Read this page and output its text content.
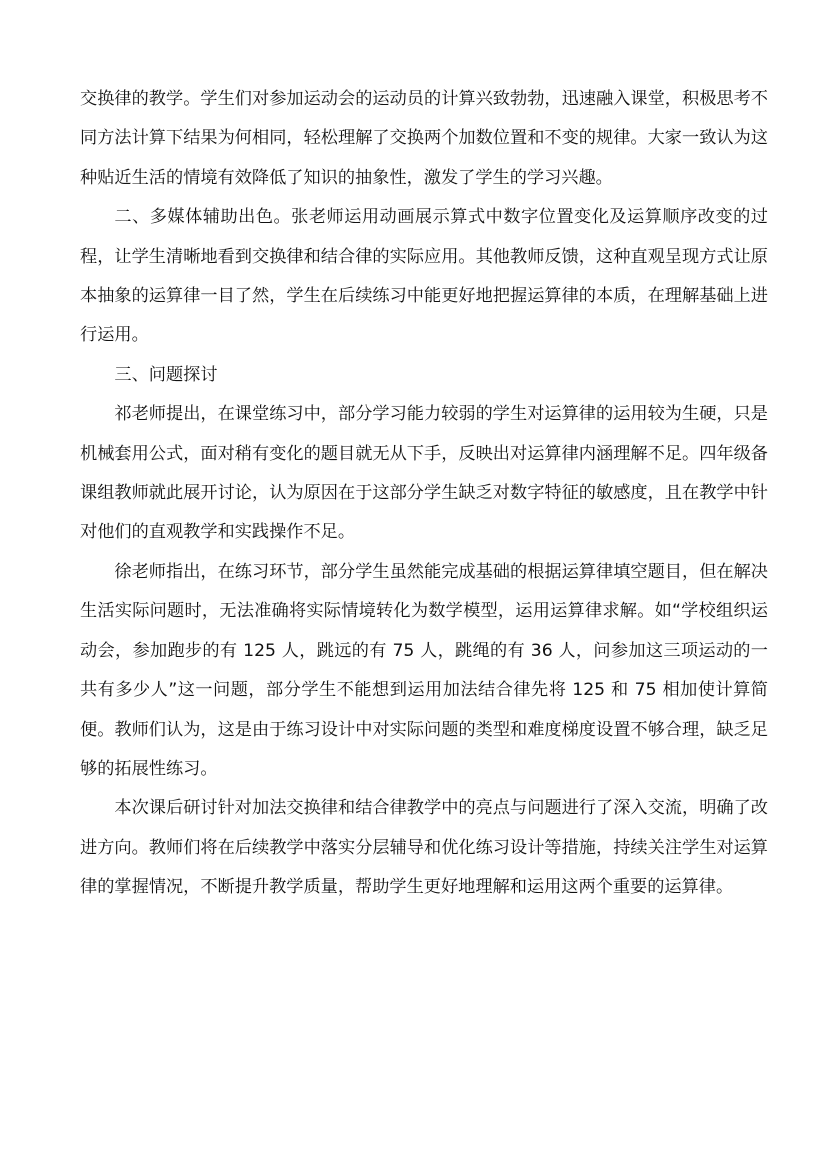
交换律的教学。学生们对参加运动会的运动员的计算兴致勃勃，迅速融入课堂，积极思考不同方法计算下结果为何相同，轻松理解了交换两个加数位置和不变的规律。大家一致认为这种贴近生活的情境有效降低了知识的抽象性，激发了学生的学习兴趣。

二、多媒体辅助出色。张老师运用动画展示算式中数字位置变化及运算顺序改变的过程，让学生清晰地看到交换律和结合律的实际应用。其他教师反馈，这种直观呈现方式让原本抽象的运算律一目了然，学生在后续练习中能更好地把握运算律的本质，在理解基础上进行运用。

三、问题探讨

祁老师提出，在课堂练习中，部分学习能力较弱的学生对运算律的运用较为生硬，只是机械套用公式，面对稍有变化的题目就无从下手，反映出对运算律内涵理解不足。四年级备课组教师就此展开讨论，认为原因在于这部分学生缺乏对数字特征的敏感度，且在教学中针对他们的直观教学和实践操作不足。

徐老师指出，在练习环节，部分学生虽然能完成基础的根据运算律填空题目，但在解决生活实际问题时，无法准确将实际情境转化为数学模型，运用运算律求解。如“学校组织运动会，参加跑步的有 125 人，跳远的有 75 人，跳绳的有 36 人，问参加这三项运动的一共有多少人”这一问题，部分学生不能想到运用加法结合律先将 125 和 75 相加使计算简便。教师们认为，这是由于练习设计中对实际问题的类型和难度梯度设置不够合理，缺乏足够的拓展性练习。

本次课后研讨针对加法交换律和结合律教学中的亮点与问题进行了深入交流，明确了改进方向。教师们将在后续教学中落实分层辅导和优化练习设计等措施，持续关注学生对运算律的掌握情况，不断提升教学质量，帮助学生更好地理解和运用这两个重要的运算律。
